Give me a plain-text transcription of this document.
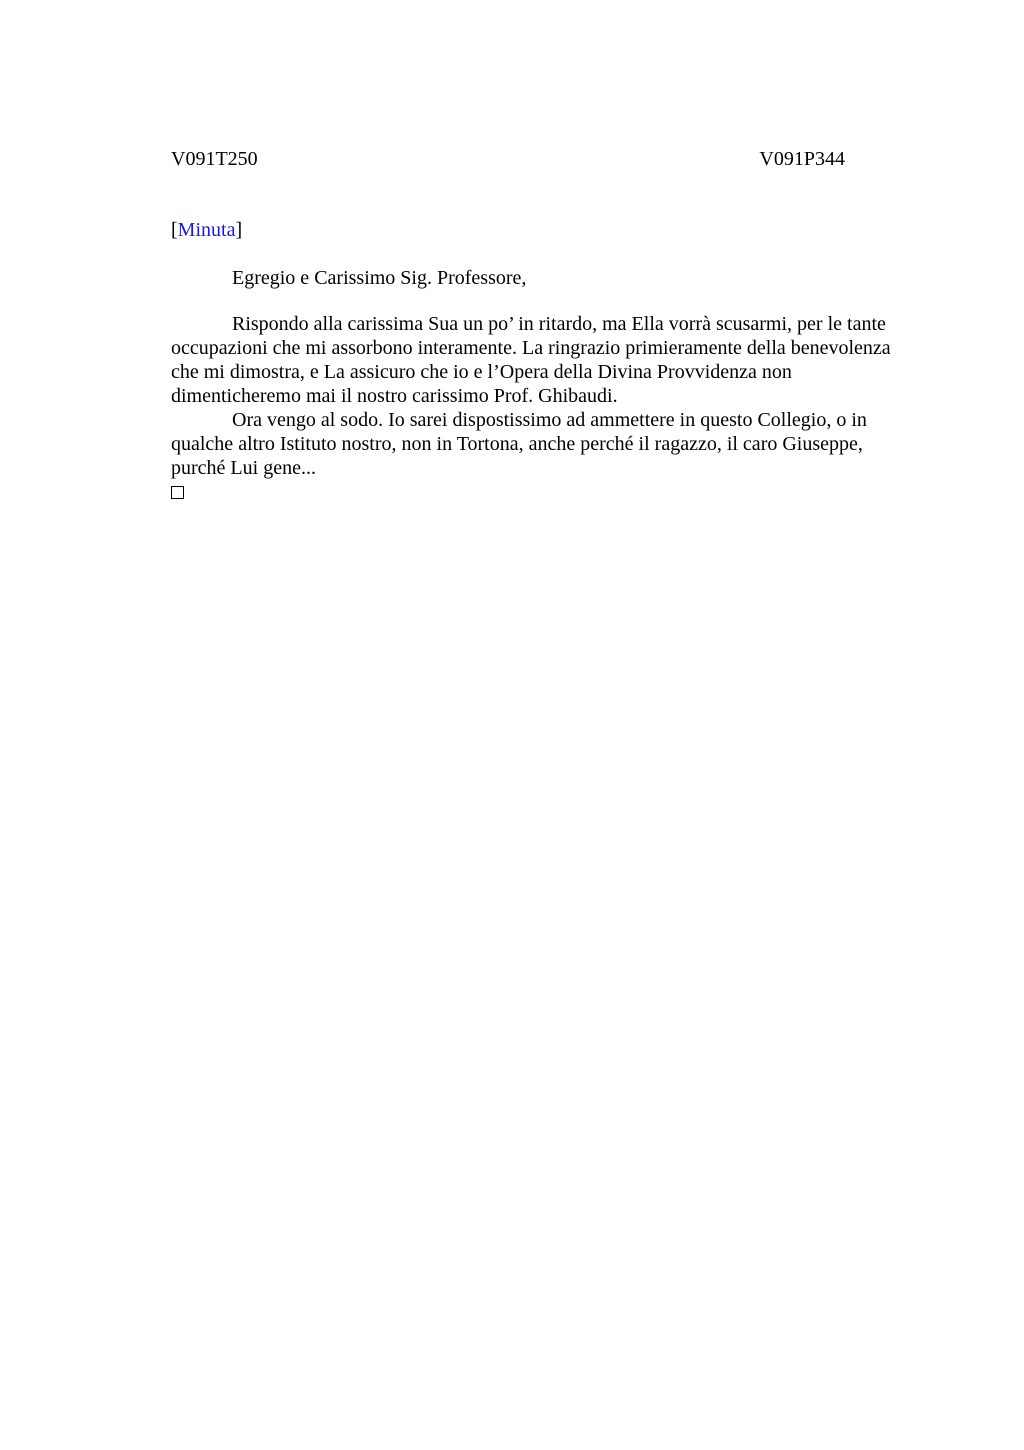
V091T250	V091P344
[Minuta]
Egregio e Carissimo Sig. Professore,

Rispondo alla carissima Sua un po’ in ritardo, ma Ella vorrà scusarmi, per le tante occupazioni che mi assorbono interamente. La ringrazio primieramente della benevolenza che mi dimostra, e La assicuro che io e l’Opera della Divina Provvidenza non dimenticheremo mai il nostro carissimo Prof. Ghibaudi.

Ora vengo al sodo. Io sarei dispostissimo ad ammettere in questo Collegio, o in qualche altro Istituto nostro, non in Tortona, anche perché il ragazzo, il caro Giuseppe, purché Lui gene...
